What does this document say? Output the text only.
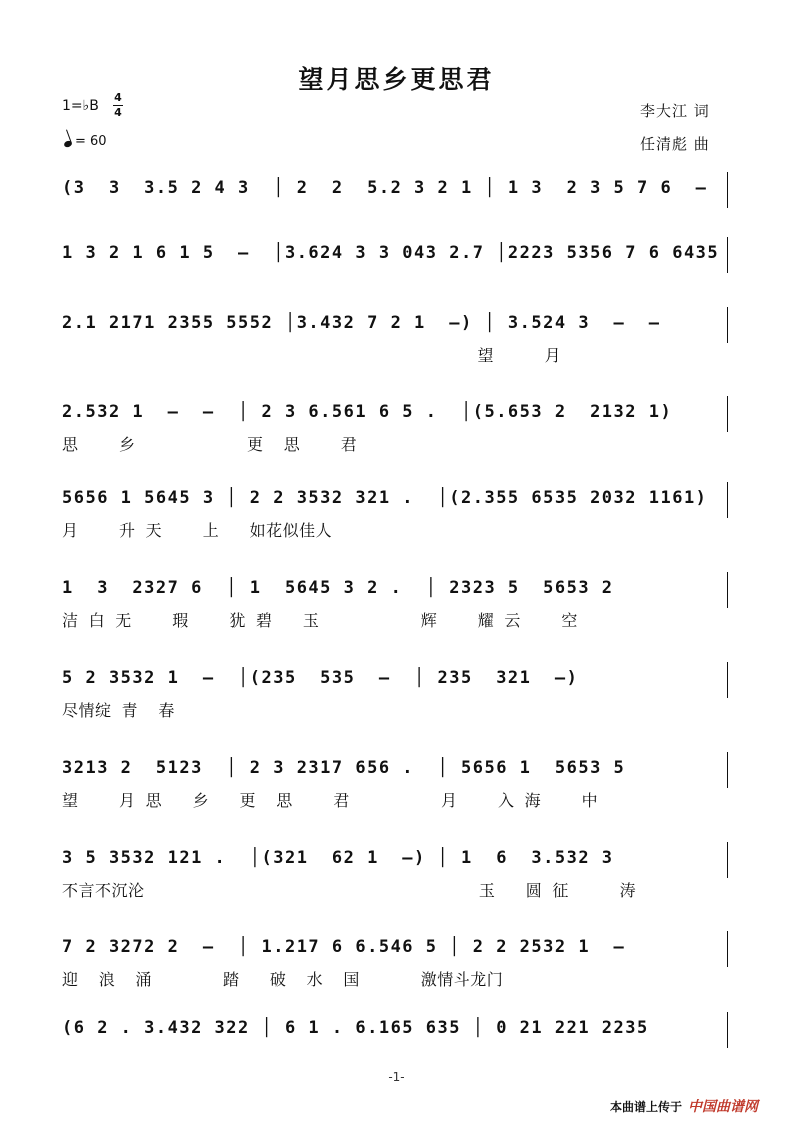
望月思乡更思君
1=♭B
4
4
= 60
李大江 词
任清彪 曲
(3  3  3.5 2 4 3  │ 2  2  5.2 3 2 1 │ 1 3  2 3 5 7 6  –
1 3 2 1 6 1 5  –  │3.624 3 3 043 2.7 │2223 5356 7 6 6435
2.1 2171 2355 5552 │3.432 7 2 1  –) │ 3.524 3  –  –
望     月
2.532 1  –  –  │ 2 3 6.561 6 5 .  │(5.653 2  2132 1)
思    乡           更  思    君
5656 1 5645 3 │ 2 2 3532 321 .  │(2.355 6535 2032 1161)
月    升 天    上   如花似佳人
1  3  2327 6  │ 1  5645 3 2 .  │ 2323 5  5653 2
洁 白 无    瑕    犹 碧   玉          辉    耀 云    空
5 2 3532 1  –  │(235  535  –  │ 235  321  –)
尽情绽 青  春
3213 2  5123  │ 2 3 2317 656 .  │ 5656 1  5653 5
望    月 思   乡   更  思    君         月    入 海    中
3 5 3532 121 .  │(321  62 1  –) │ 1  6  3.532 3
不言不沉沦                                 玉   圆 征     涛
7 2 3272 2  –  │ 1.217 6 6.546 5 │ 2 2 2532 1  –
迎  浪  涌       踏   破  水  国      激情斗龙门
(6 2 . 3.432 322 │ 6 1 . 6.165 635 │ 0 21 221 2235
-1-
本曲谱上传于 中国曲谱网
